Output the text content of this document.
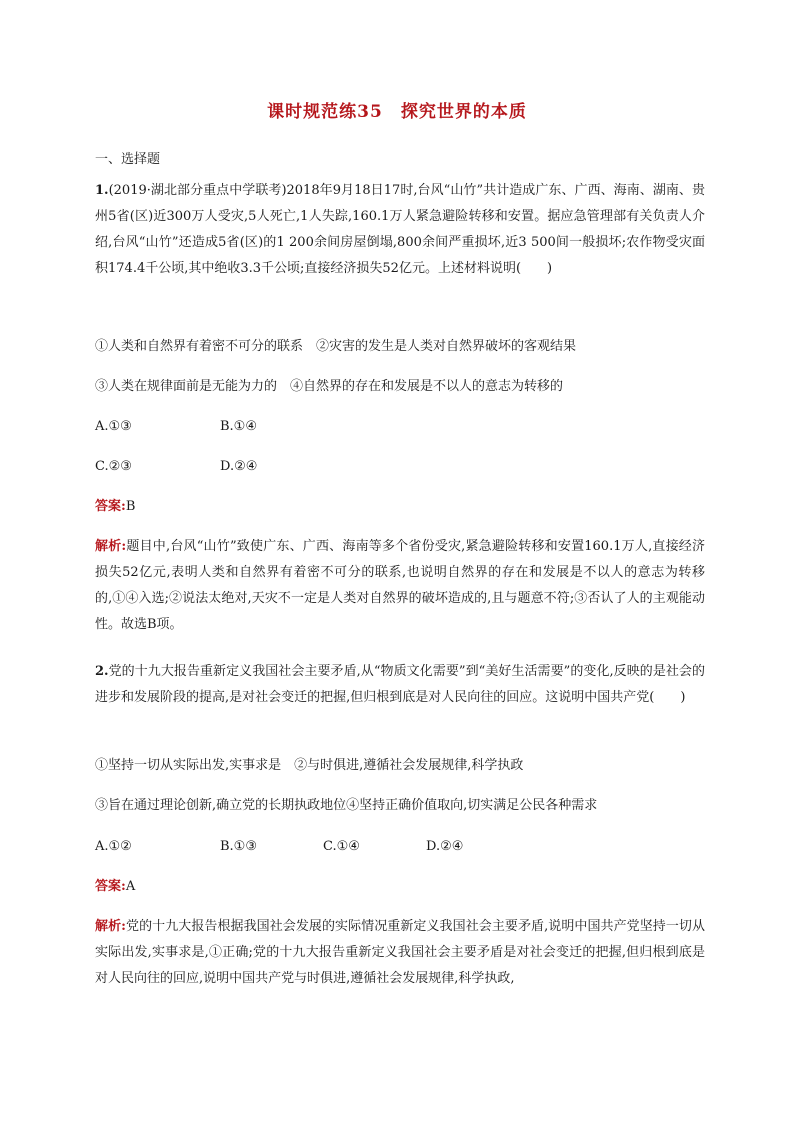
课时规范练35　探究世界的本质
一、选择题
1.(2019·湖北部分重点中学联考)2018年9月18日17时,台风“山竹”共计造成广东、广西、海南、湖南、贵州5省(区)近300万人受灾,5人死亡,1人失踪,160.1万人紧急避险转移和安置。据应急管理部有关负责人介绍,台风“山竹”还造成5省(区)的1 200余间房屋倒塌,800余间严重损坏,近3 500间一般损坏;农作物受灾面积174.4千公顷,其中绝收3.3千公顷;直接经济损失52亿元。上述材料说明(　　)
①人类和自然界有着密不可分的联系　②灾害的发生是人类对自然界破坏的客观结果
③人类在规律面前是无能为力的　④自然界的存在和发展是不以人的意志为转移的
A.①③	B.①④
C.②③	D.②④
答案:B
解析:题目中,台风“山竹”致使广东、广西、海南等多个省份受灾,紧急避险转移和安置160.1万人,直接经济损失52亿元,表明人类和自然界有着密不可分的联系,也说明自然界的存在和发展是不以人的意志为转移的,①④入选;②说法太绝对,天灾不一定是人类对自然界的破坏造成的,且与题意不符;③否认了人的主观能动性。故选B项。
2.党的十九大报告重新定义我国社会主要矛盾,从“物质文化需要”到“美好生活需要”的变化,反映的是社会的进步和发展阶段的提高,是对社会变迁的把握,但归根到底是对人民向往的回应。这说明中国共产党(　　)
①坚持一切从实际出发,实事求是　②与时俱进,遵循社会发展规律,科学执政
③旨在通过理论创新,确立党的长期执政地位④坚持正确价值取向,切实满足公民各种需求
A.①②	B.①③	C.①④	D.②④
答案:A
解析:党的十九大报告根据我国社会发展的实际情况重新定义我国社会主要矛盾,说明中国共产党坚持一切从实际出发,实事求是,①正确;党的十九大报告重新定义我国社会主要矛盾是对社会变迁的把握,但归根到底是对人民向往的回应,说明中国共产党与时俱进,遵循社会发展规律,科学执政,
